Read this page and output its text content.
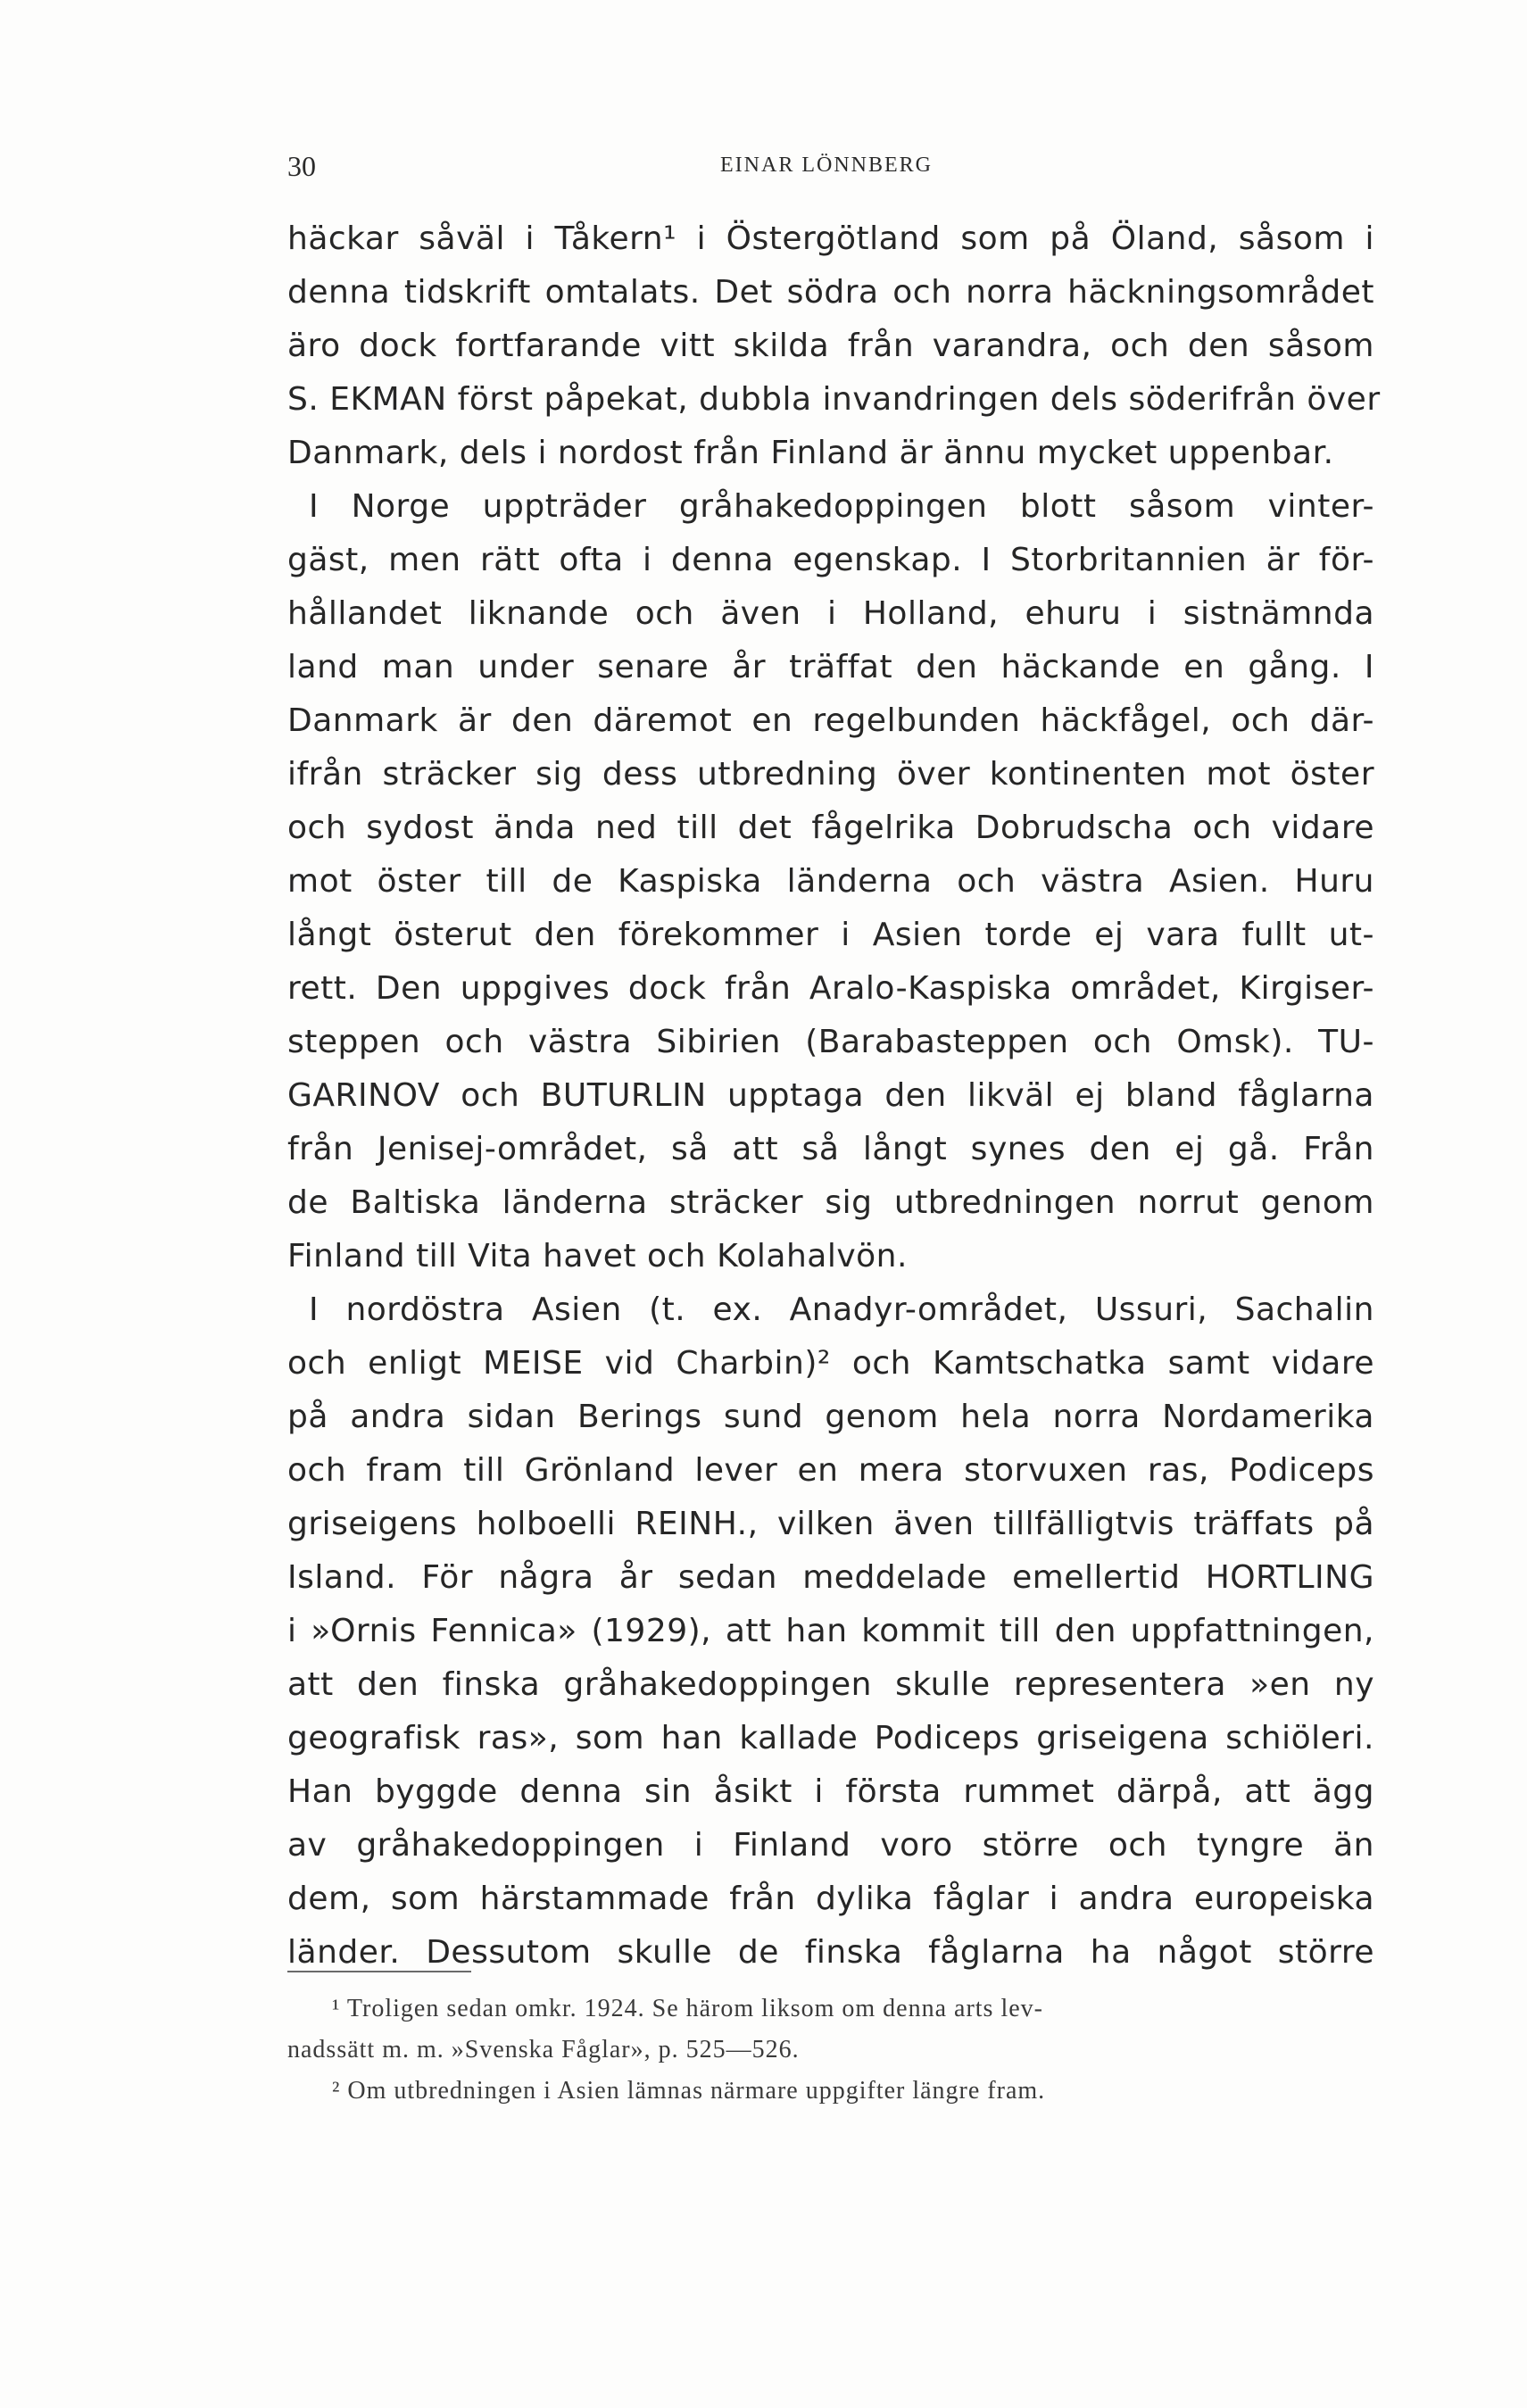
30	EINAR LÖNNBERG
häckar såväl i Tåkern¹ i Östergötland som på Öland, såsom i
denna tidskrift omtalats. Det södra och norra häckningsområdet
äro dock fortfarande vitt skilda från varandra, och den såsom
S. EKMAN först påpekat, dubbla invandringen dels söderifrån över
Danmark, dels i nordost från Finland är ännu mycket uppenbar.
I Norge uppträder gråhakedoppingen blott såsom vinter-
gäst, men rätt ofta i denna egenskap. I Storbritannien är för-
hållandet liknande och även i Holland, ehuru i sistnämnda
land man under senare år träffat den häckande en gång. I
Danmark är den däremot en regelbunden häckfågel, och där-
ifrån sträcker sig dess utbredning över kontinenten mot öster
och sydost ända ned till det fågelrika Dobrudscha och vidare
mot öster till de Kaspiska länderna och västra Asien. Huru
långt österut den förekommer i Asien torde ej vara fullt ut-
rett. Den uppgives dock från Aralo-Kaspiska området, Kirgiser-
steppen och västra Sibirien (Barabasteppen och Omsk). TU-
GARINOV och BUTURLIN upptaga den likväl ej bland fåglarna
från Jenisej-området, så att så långt synes den ej gå. Från
de Baltiska länderna sträcker sig utbredningen norrut genom
Finland till Vita havet och Kolahalvön.
I nordöstra Asien (t. ex. Anadyr-området, Ussuri, Sachalin
och enligt MEISE vid Charbin)² och Kamtschatka samt vidare
på andra sidan Berings sund genom hela norra Nordamerika
och fram till Grönland lever en mera storvuxen ras, Podiceps
griseigens holboelli REINH., vilken även tillfälligtvis träffats på
Island. För några år sedan meddelade emellertid HORTLING
i »Ornis Fennica» (1929), att han kommit till den uppfattningen,
att den finska gråhakedoppingen skulle representera »en ny
geografisk ras», som han kallade Podiceps griseigena schiöleri.
Han byggde denna sin åsikt i första rummet därpå, att ägg
av gråhakedoppingen i Finland voro större och tyngre än
dem, som härstammade från dylika fåglar i andra europeiska
länder. Dessutom skulle de finska fåglarna ha något större
¹ Troligen sedan omkr. 1924. Se härom liksom om denna arts lev-
nadssätt m. m. »Svenska Fåglar», p. 525—526.
² Om utbredningen i Asien lämnas närmare uppgifter längre fram.
